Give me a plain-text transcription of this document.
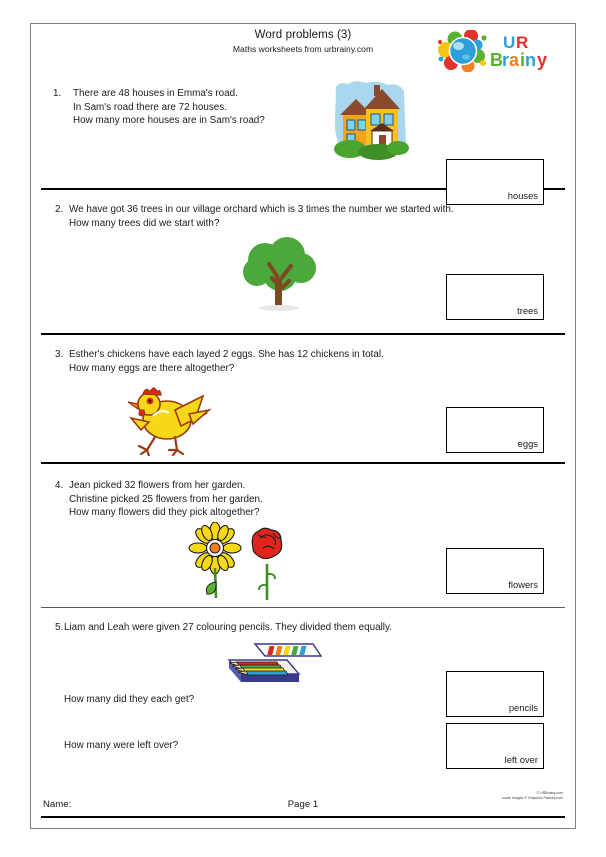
Word problems (3)
Maths worksheets from urbrainy.com	U R
B r a i n y
1. There are 48 houses in Emma's road.
In Sam's road there are 72 houses.
How many more houses are in Sam's road?
houses
2. We have got 36 trees in our village orchard which is 3 times the number we started with.
How many trees did we start with?
trees
3. Esther's chickens have each layed 2 eggs. She has 12 chickens in total.
How many eggs are there altogether?
eggs
4. Jean picked 32 flowers from her garden.
Christine picked 25 flowers from her garden.
How many flowers did they pick altogether?
flowers
5. Liam and Leah were given 27 colouring pencils. They divided them equally.
How many did they each get?
How many were left over?
pencils
left over
Name:	Page 1
© URBrainy.com
some images © Graphics Factory.com
